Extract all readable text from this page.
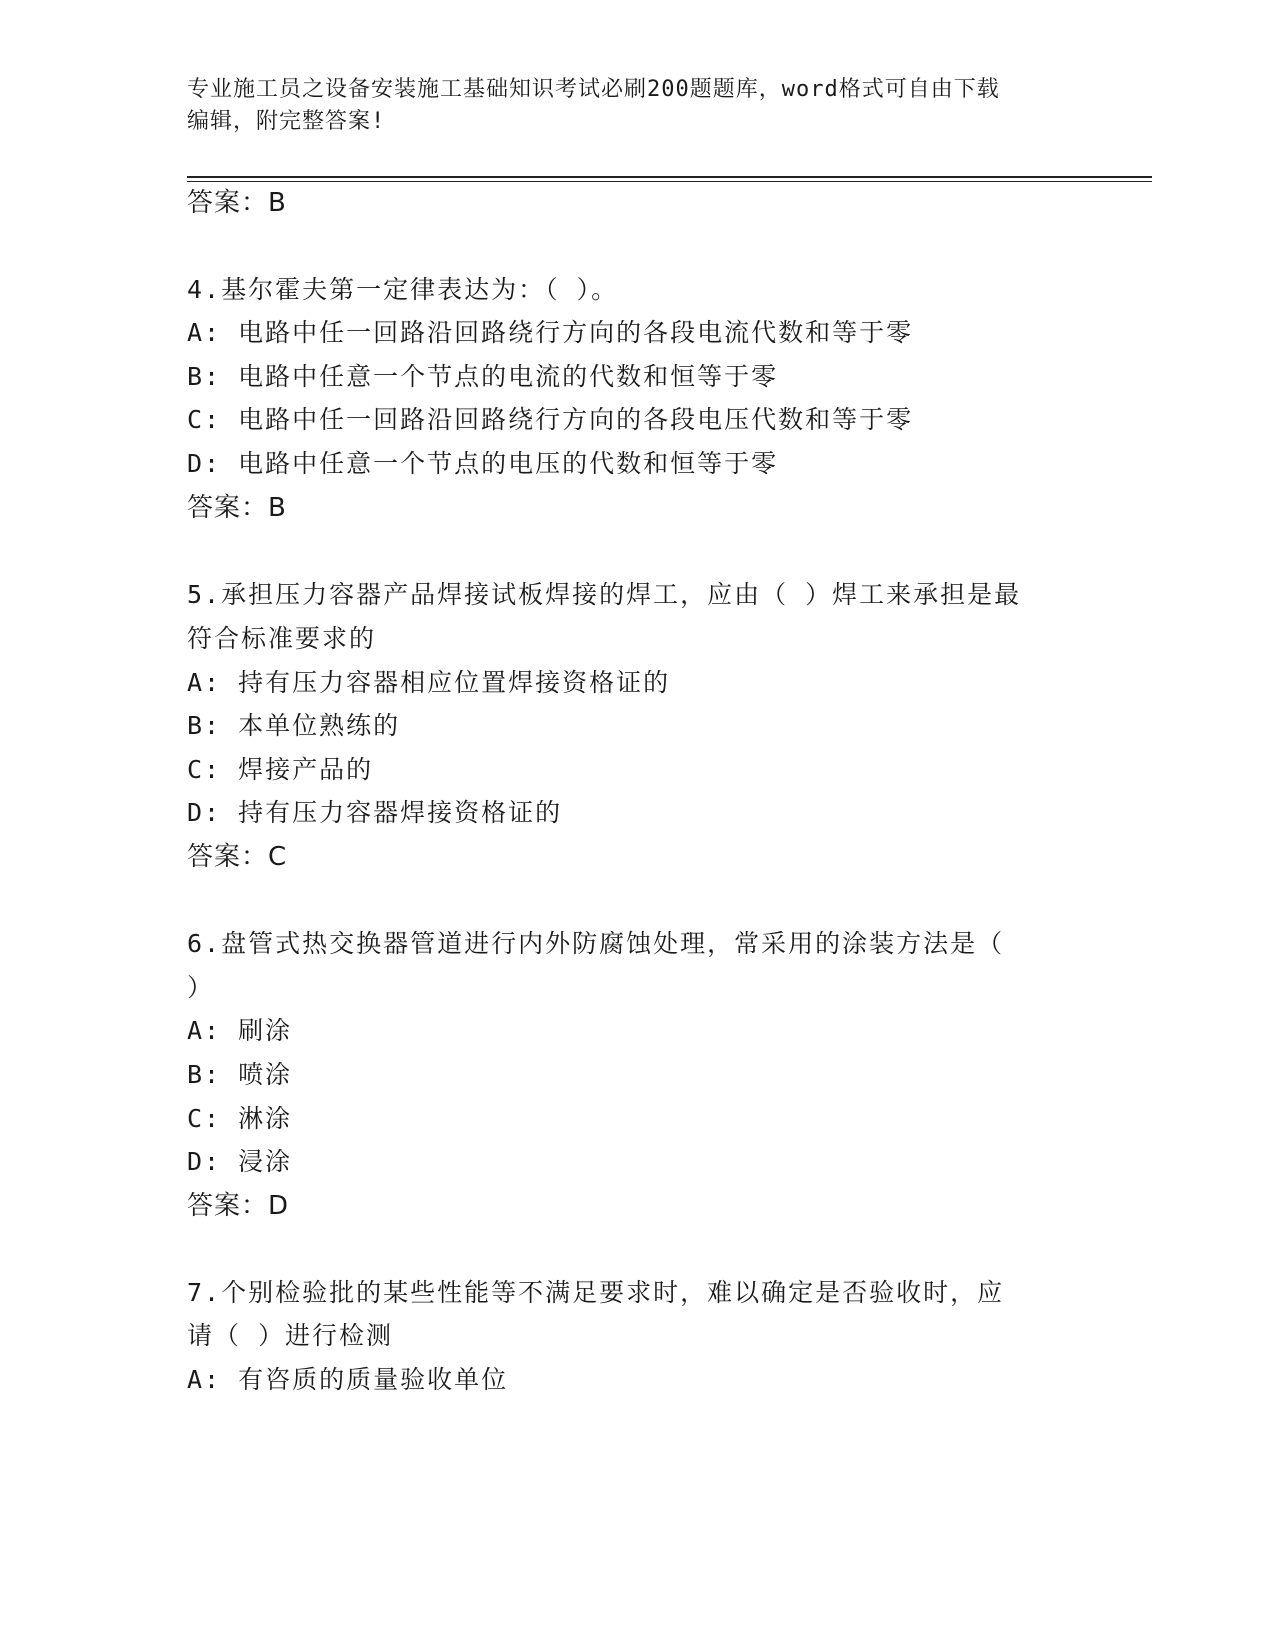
专业施工员之设备安装施工基础知识考试必刷200题题库，word格式可自由下载
编辑，附完整答案!
答案：B
4.基尔霍夫第一定律表达为：（ ）。
A: 电路中任一回路沿回路绕行方向的各段电流代数和等于零
B: 电路中任意一个节点的电流的代数和恒等于零
C: 电路中任一回路沿回路绕行方向的各段电压代数和等于零
D: 电路中任意一个节点的电压的代数和恒等于零
答案：B
5.承担压力容器产品焊接试板焊接的焊工，应由（ ）焊工来承担是最
符合标准要求的
A: 持有压力容器相应位置焊接资格证的
B: 本单位熟练的
C: 焊接产品的
D: 持有压力容器焊接资格证的
答案：C
6.盘管式热交换器管道进行内外防腐蚀处理，常采用的涂装方法是（
）
A: 刷涂
B: 喷涂
C: 淋涂
D: 浸涂
答案：D
7.个别检验批的某些性能等不满足要求时，难以确定是否验收时，应
请（ ）进行检测
A: 有咨质的质量验收单位
